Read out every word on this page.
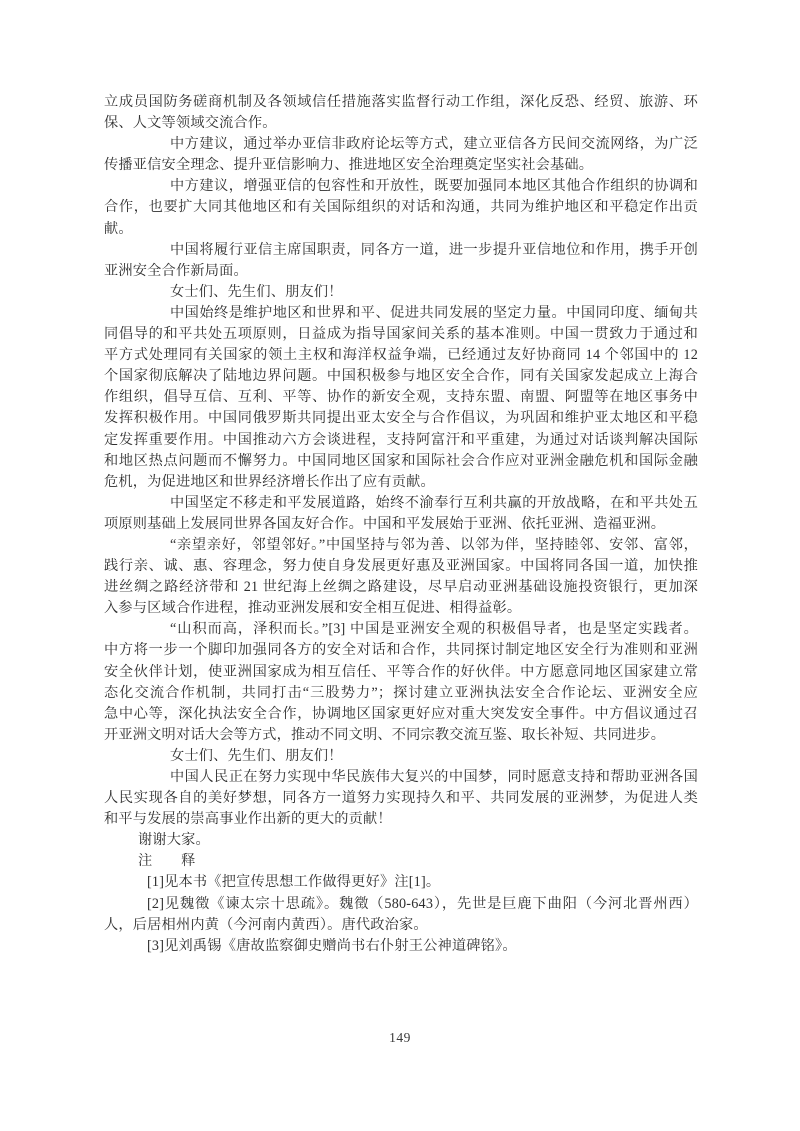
立成员国防务磋商机制及各领域信任措施落实监督行动工作组，深化反恐、经贸、旅游、环
保、人文等领域交流合作。
中方建议，通过举办亚信非政府论坛等方式，建立亚信各方民间交流网络，为广泛
传播亚信安全理念、提升亚信影响力、推进地区安全治理奠定坚实社会基础。
中方建议，增强亚信的包容性和开放性，既要加强同本地区其他合作组织的协调和
合作，也要扩大同其他地区和有关国际组织的对话和沟通，共同为维护地区和平稳定作出贡
献。
中国将履行亚信主席国职责，同各方一道，进一步提升亚信地位和作用，携手开创
亚洲安全合作新局面。
女士们、先生们、朋友们！
中国始终是维护地区和世界和平、促进共同发展的坚定力量。中国同印度、缅甸共
同倡导的和平共处五项原则，日益成为指导国家间关系的基本准则。中国一贯致力于通过和
平方式处理同有关国家的领土主权和海洋权益争端，已经通过友好协商同 14 个邻国中的 12
个国家彻底解决了陆地边界问题。中国积极参与地区安全合作，同有关国家发起成立上海合
作组织，倡导互信、互利、平等、协作的新安全观，支持东盟、南盟、阿盟等在地区事务中
发挥积极作用。中国同俄罗斯共同提出亚太安全与合作倡议，为巩固和维护亚太地区和平稳
定发挥重要作用。中国推动六方会谈进程，支持阿富汗和平重建，为通过对话谈判解决国际
和地区热点问题而不懈努力。中国同地区国家和国际社会合作应对亚洲金融危机和国际金融
危机，为促进地区和世界经济增长作出了应有贡献。
中国坚定不移走和平发展道路，始终不渝奉行互利共赢的开放战略，在和平共处五
项原则基础上发展同世界各国友好合作。中国和平发展始于亚洲、依托亚洲、造福亚洲。
“亲望亲好，邻望邻好。”中国坚持与邻为善、以邻为伴，坚持睦邻、安邻、富邻，
践行亲、诚、惠、容理念，努力使自身发展更好惠及亚洲国家。中国将同各国一道，加快推
进丝绸之路经济带和 21 世纪海上丝绸之路建设，尽早启动亚洲基础设施投资银行，更加深
入参与区域合作进程，推动亚洲发展和安全相互促进、相得益彰。
“山积而高，泽积而长。”[3] 中国是亚洲安全观的积极倡导者，也是坚定实践者。
中方将一步一个脚印加强同各方的安全对话和合作，共同探讨制定地区安全行为准则和亚洲
安全伙伴计划，使亚洲国家成为相互信任、平等合作的好伙伴。中方愿意同地区国家建立常
态化交流合作机制，共同打击“三股势力”；探讨建立亚洲执法安全合作论坛、亚洲安全应
急中心等，深化执法安全合作，协调地区国家更好应对重大突发安全事件。中方倡议通过召
开亚洲文明对话大会等方式，推动不同文明、不同宗教交流互鉴、取长补短、共同进步。
女士们、先生们、朋友们！
中国人民正在努力实现中华民族伟大复兴的中国梦，同时愿意支持和帮助亚洲各国
人民实现各自的美好梦想，同各方一道努力实现持久和平、共同发展的亚洲梦，为促进人类
和平与发展的崇高事业作出新的更大的贡献！
谢谢大家。
注　　释
[1]见本书《把宣传思想工作做得更好》注[1]。
[2]见魏徵《谏太宗十思疏》。魏徵（580-643），先世是巨鹿下曲阳（今河北晋州西）
人，后居相州内黄（今河南内黄西）。唐代政治家。
[3]见刘禹锡《唐故监察御史赠尚书右仆射王公神道碑铭》。
149
